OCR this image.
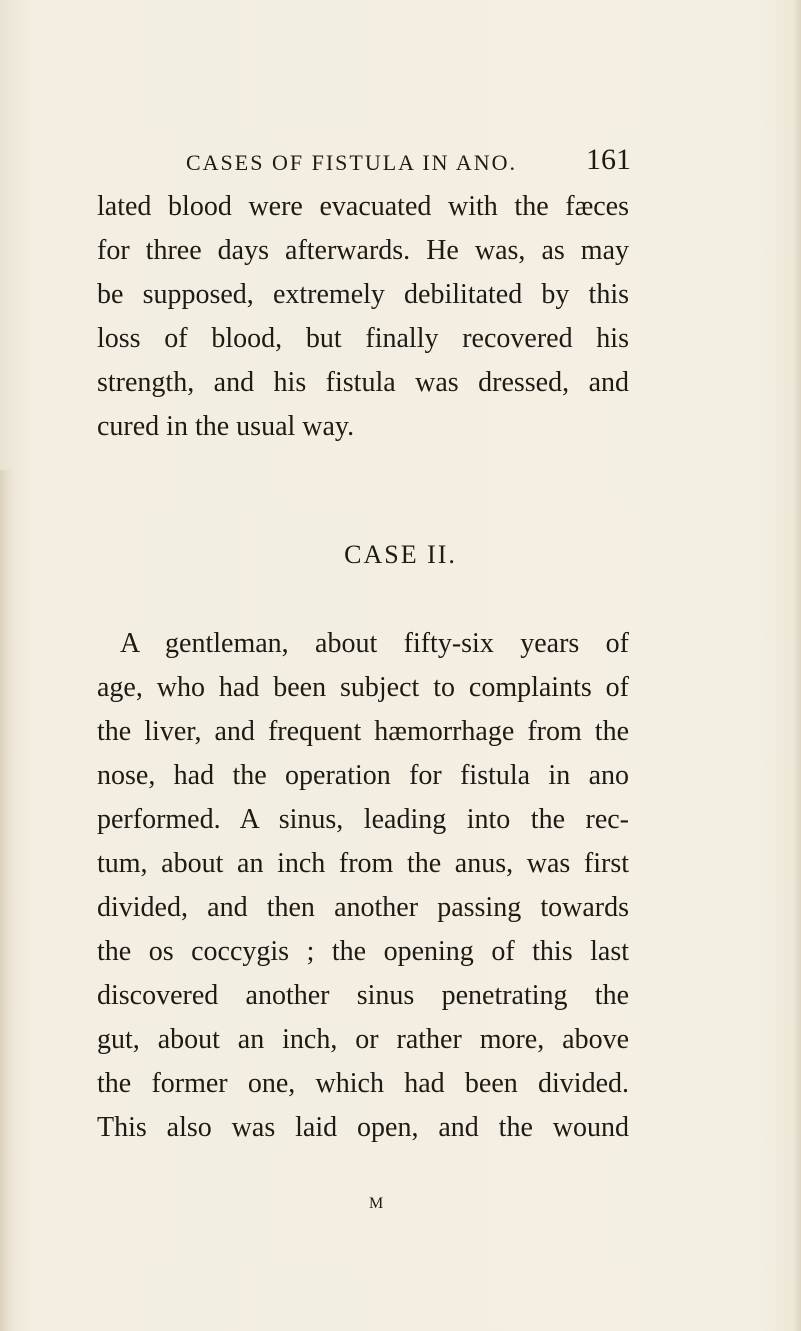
CASES OF FISTULA IN ANO. 161
lated blood were evacuated with the fæces
for three days afterwards. He was, as may
be supposed, extremely debilitated by this
loss of blood, but finally recovered his
strength, and his fistula was dressed, and
cured in the usual way.
CASE II.
A gentleman, about fifty-six years of
age, who had been subject to complaints of
the liver, and frequent hæmorrhage from the
nose, had the operation for fistula in ano
performed. A sinus, leading into the rec-
tum, about an inch from the anus, was first
divided, and then another passing towards
the os coccygis ; the opening of this last
discovered another sinus penetrating the
gut, about an inch, or rather more, above
the former one, which had been divided.
This also was laid open, and the wound
M
